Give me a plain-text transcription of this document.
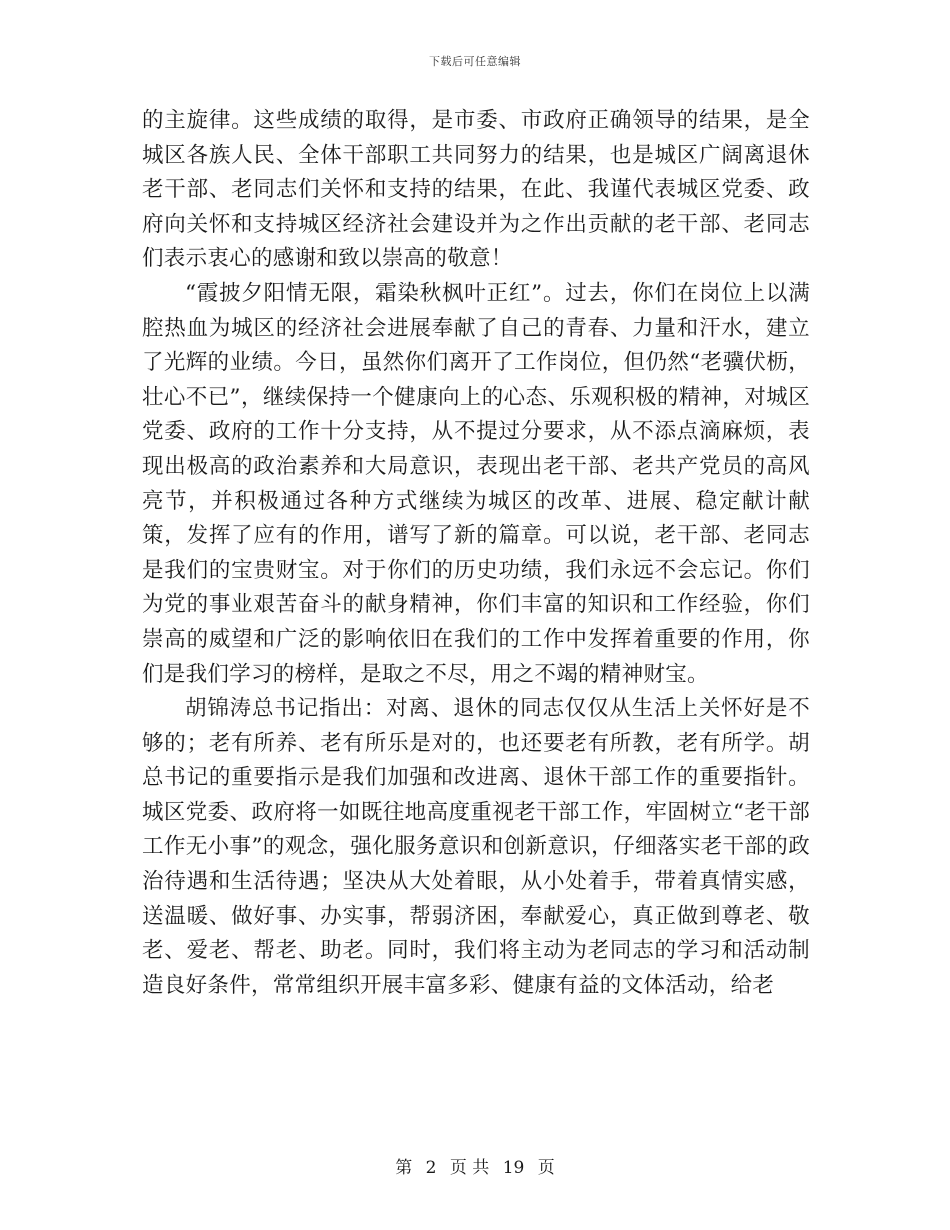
下载后可任意编辑

的主旋律。这些成绩的取得，是市委、市政府正确领导的结果，是全城区各族人民、全体干部职工共同努力的结果，也是城区广阔离退休老干部、老同志们关怀和支持的结果，在此、我谨代表城区党委、政府向关怀和支持城区经济社会建设并为之作出贡献的老干部、老同志们表示衷心的感谢和致以崇高的敬意！

“霞披夕阳情无限，霜染秋枫叶正红”。过去，你们在岗位上以满腔热血为城区的经济社会进展奉献了自己的青春、力量和汗水，建立了光辉的业绩。今日，虽然你们离开了工作岗位，但仍然“老骥伏枥，壮心不已”，继续保持一个健康向上的心态、乐观积极的精神，对城区党委、政府的工作十分支持，从不提过分要求，从不添点滴麻烦，表现出极高的政治素养和大局意识，表现出老干部、老共产党员的高风亮节，并积极通过各种方式继续为城区的改革、进展、稳定献计献策，发挥了应有的作用，谱写了新的篇章。可以说，老干部、老同志是我们的宝贵财宝。对于你们的历史功绩，我们永远不会忘记。你们为党的事业艰苦奋斗的献身精神，你们丰富的知识和工作经验，你们崇高的威望和广泛的影响依旧在我们的工作中发挥着重要的作用，你们是我们学习的榜样，是取之不尽，用之不竭的精神财宝。

胡锦涛总书记指出：对离、退休的同志仅仅从生活上关怀好是不够的；老有所养、老有所乐是对的，也还要老有所教，老有所学。胡总书记的重要指示是我们加强和改进离、退休干部工作的重要指针。城区党委、政府将一如既往地高度重视老干部工作，牢固树立“老干部工作无小事”的观念，强化服务意识和创新意识，仔细落实老干部的政治待遇和生活待遇；坚决从大处着眼，从小处着手，带着真情实感，送温暖、做好事、办实事，帮弱济困，奉献爱心，真正做到尊老、敬老、爱老、帮老、助老。同时，我们将主动为老同志的学习和活动制造良好条件，常常组织开展丰富多彩、健康有益的文体活动，给老

第 2 页 共 19 页
